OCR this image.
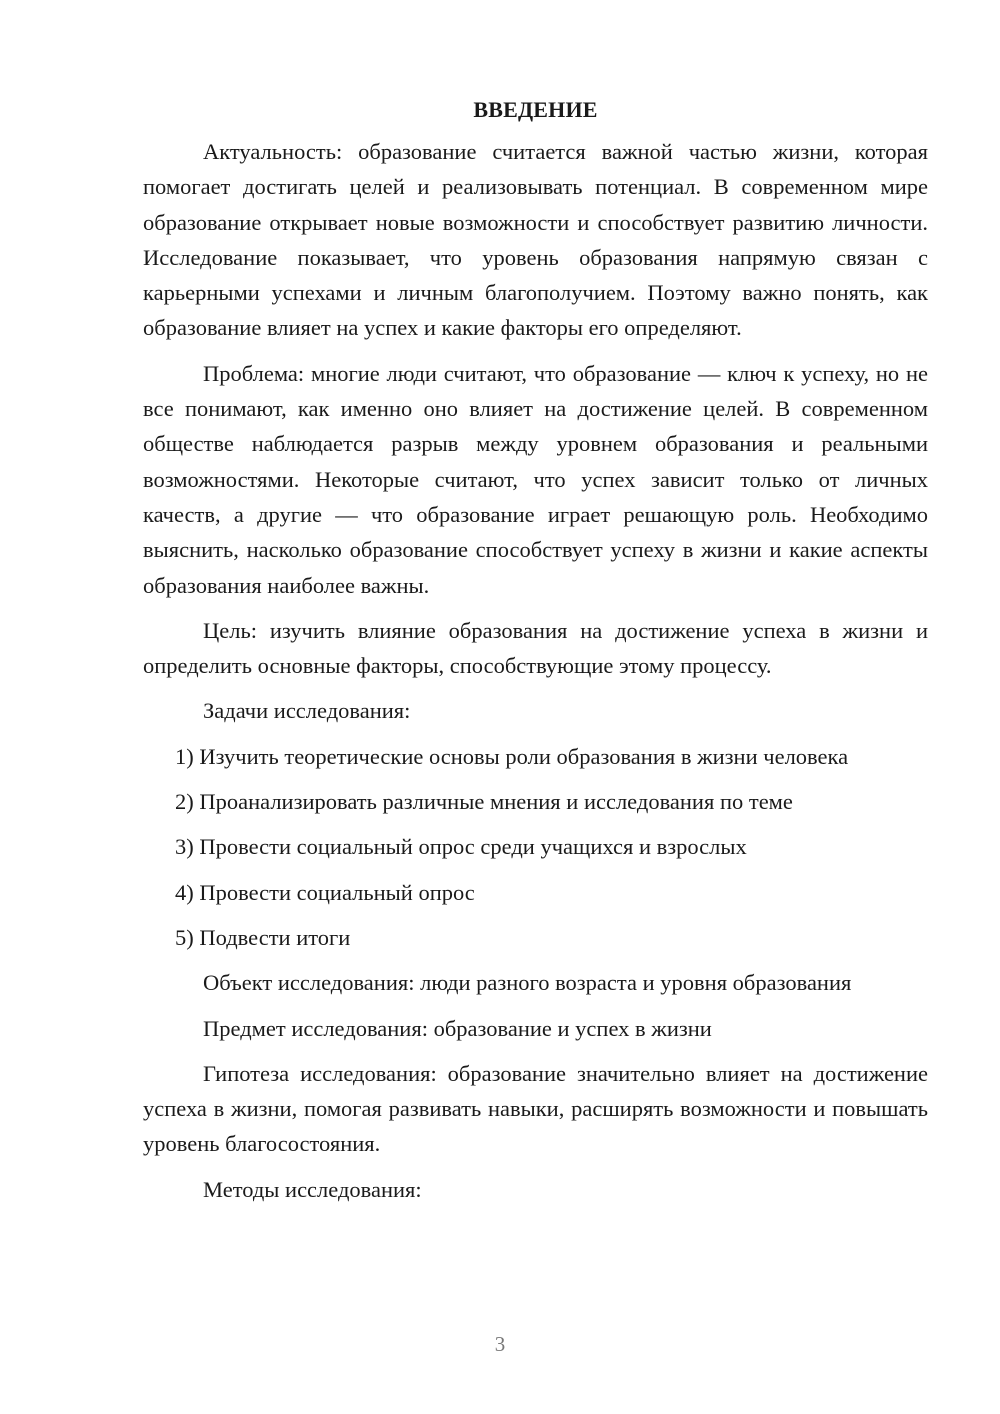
ВВЕДЕНИЕ

Актуальность: образование считается важной частью жизни, которая помогает достигать целей и реализовывать потенциал. В современном мире образование открывает новые возможности и способствует развитию личности. Исследование показывает, что уровень образования напрямую связан с карьерными успехами и личным благополучием. Поэтому важно понять, как образование влияет на успех и какие факторы его определяют.

Проблема: многие люди считают, что образование — ключ к успеху, но не все понимают, как именно оно влияет на достижение целей. В современном обществе наблюдается разрыв между уровнем образования и реальными возможностями. Некоторые считают, что успех зависит только от личных качеств, а другие — что образование играет решающую роль. Необходимо выяснить, насколько образование способствует успеху в жизни и какие аспекты образования наиболее важны.

Цель: изучить влияние образования на достижение успеха в жизни и определить основные факторы, способствующие этому процессу.

Задачи исследования:
1) Изучить теоретические основы роли образования в жизни человека
2) Проанализировать различные мнения и исследования по теме
3) Провести социальный опрос среди учащихся и взрослых
4) Провести социальный опрос
5) Подвести итоги
Объект исследования: люди разного возраста и уровня образования
Предмет исследования: образование и успех в жизни

Гипотеза исследования: образование значительно влияет на достижение успеха в жизни, помогая развивать навыки, расширять возможности и повышать уровень благосостояния.

Методы исследования:
3
